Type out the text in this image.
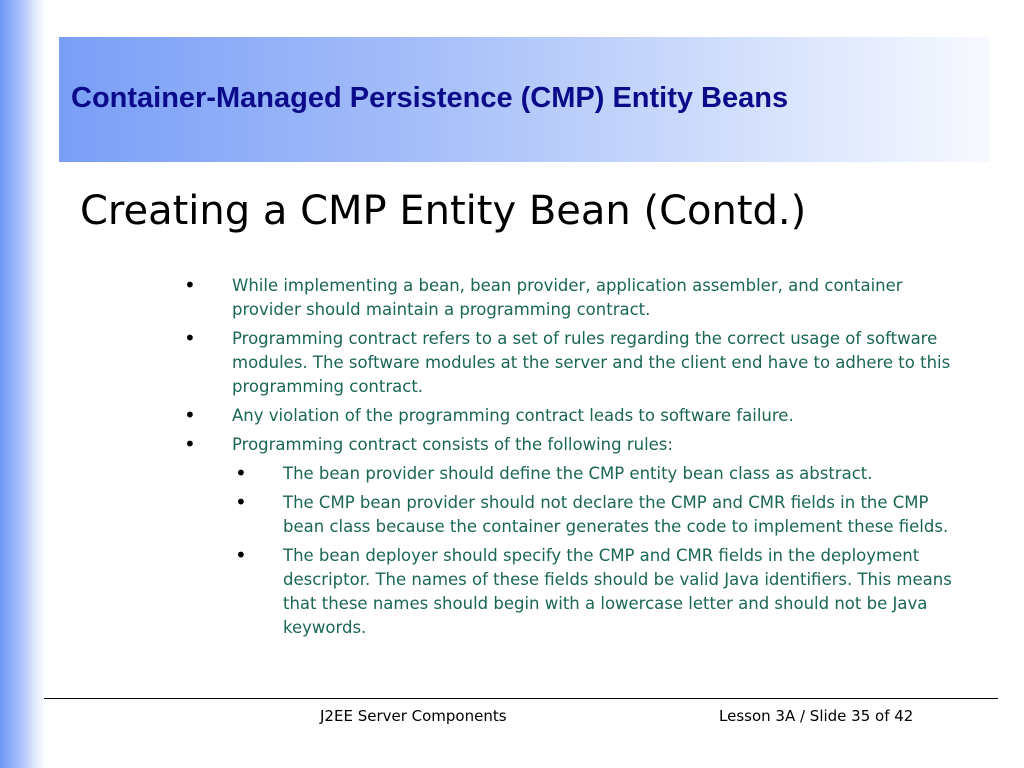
Container-Managed Persistence (CMP) Entity Beans
Creating a CMP Entity Bean (Contd.)
• While implementing a bean, bean provider, application assembler, and container provider should maintain a programming contract.
• Programming contract refers to a set of rules regarding the correct usage of software modules. The software modules at the server and the client end have to adhere to this programming contract.
• Any violation of the programming contract leads to software failure.
• Programming contract consists of the following rules:
• The bean provider should define the CMP entity bean class as abstract.
• The CMP bean provider should not declare the CMP and CMR fields in the CMP bean class because the container generates the code to implement these fields.
• The bean deployer should specify the CMP and CMR fields in the deployment descriptor. The names of these fields should be valid Java identifiers. This means that these names should begin with a lowercase letter and should not be Java keywords.
J2EE Server Components	Lesson 3A / Slide 35 of 42
